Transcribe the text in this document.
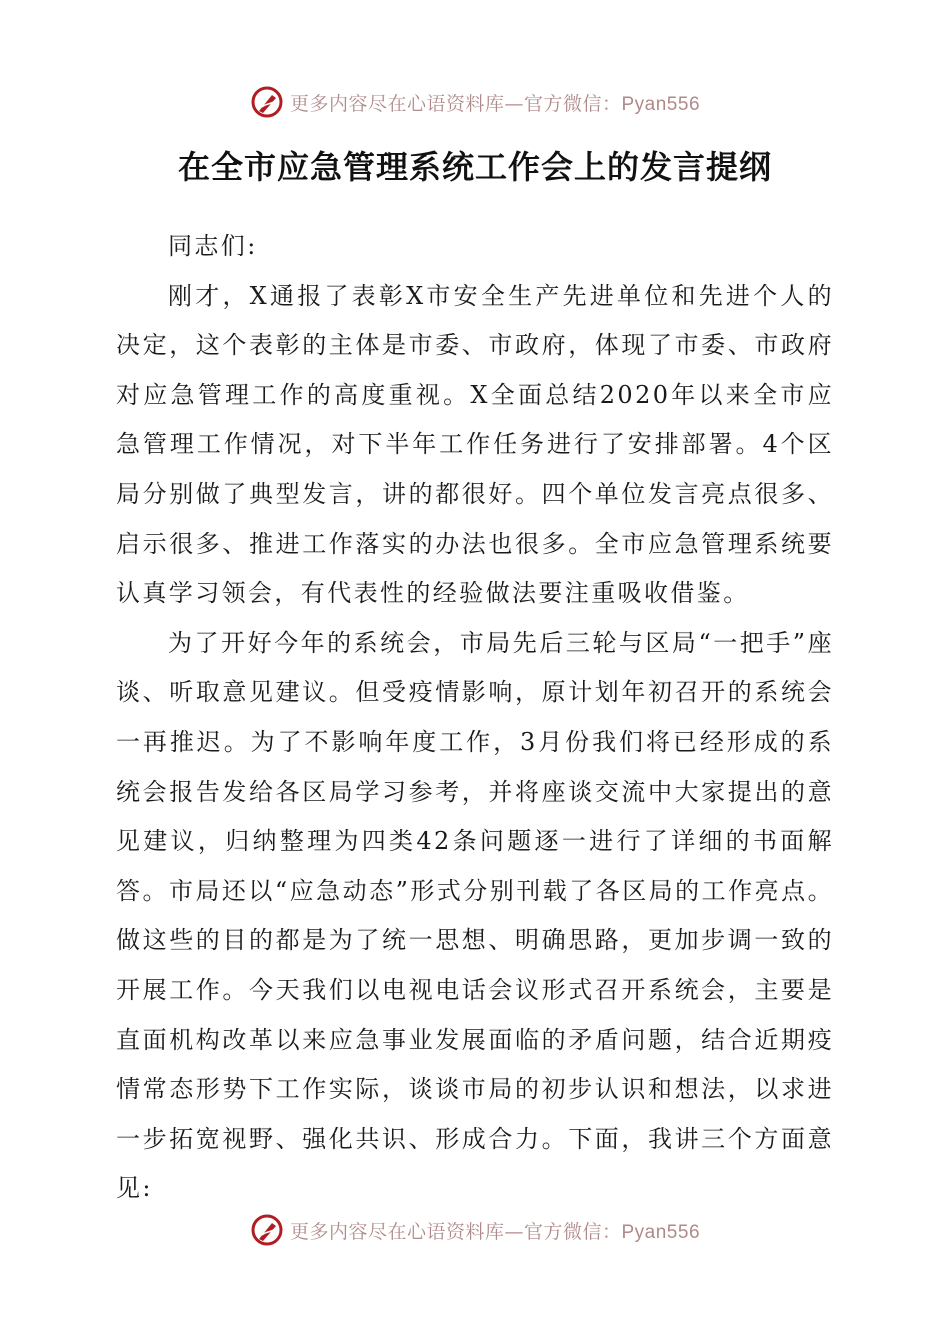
更多内容尽在心语资料库—官方微信：Pyan556
在全市应急管理系统工作会上的发言提纲

同志们:

刚才，X通报了表彰X市安全生产先进单位和先进个人的决定，这个表彰的主体是市委、市政府，体现了市委、市政府对应急管理工作的高度重视。X全面总结2020年以来全市应急管理工作情况，对下半年工作任务进行了安排部署。4个区局分别做了典型发言，讲的都很好。四个单位发言亮点很多、启示很多、推进工作落实的办法也很多。全市应急管理系统要认真学习领会，有代表性的经验做法要注重吸收借鉴。

为了开好今年的系统会，市局先后三轮与区局“一把手”座谈、听取意见建议。但受疫情影响，原计划年初召开的系统会一再推迟。为了不影响年度工作，3月份我们将已经形成的系统会报告发给各区局学习参考，并将座谈交流中大家提出的意见建议，归纳整理为四类42条问题逐一进行了详细的书面解答。市局还以“应急动态”形式分别刊载了各区局的工作亮点。做这些的目的都是为了统一思想、明确思路，更加步调一致的开展工作。今天我们以电视电话会议形式召开系统会，主要是直面机构改革以来应急事业发展面临的矛盾问题，结合近期疫情常态形势下工作实际，谈谈市局的初步认识和想法，以求进一步拓宽视野、强化共识、形成合力。下面，我讲三个方面意见:

更多内容尽在心语资料库—官方微信：Pyan556
